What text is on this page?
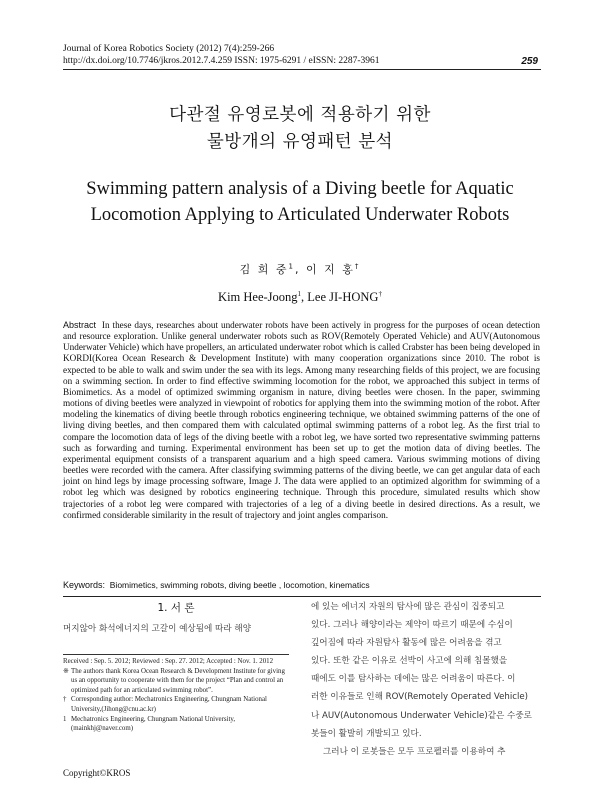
Journal of Korea Robotics Society (2012) 7(4):259-266
http://dx.doi.org/10.7746/jkros.2012.7.4.259 ISSN: 1975-6291 / eISSN: 2287-3961	259
다관절 유영로봇에 적용하기 위한
물방개의 유영패턴 분석
Swimming pattern analysis of a Diving beetle for Aquatic
Locomotion Applying to Articulated Underwater Robots
김 희 중$^1$, 이 지 홍†
Kim Hee-Joong$^1$, Lee JI-HONG†
Abstract In these days, researches about underwater robots have been actively in progress for the purposes of ocean detection and resource exploration. Unlike general underwater robots such as ROV(Remotely Operated Vehicle) and AUV(Autonomous Underwater Vehicle) which have propellers, an articulated underwater robot which is called Crabster has been being developed in KORDI(Korea Ocean Research & Development Institute) with many cooperation organizations since 2010. The robot is expected to be able to walk and swim under the sea with its legs. Among many researching fields of this project, we are focusing on a swimming section. In order to find effective swimming locomotion for the robot, we approached this subject in terms of Biomimetics. As a model of optimized swimming organism in nature, diving beetles were chosen. In the paper, swimming motions of diving beetles were analyzed in viewpoint of robotics for applying them into the swimming motion of the robot. After modeling the kinematics of diving beetle through robotics engineering technique, we obtained swimming patterns of the one of living diving beetles, and then compared them with calculated optimal swimming patterns of a robot leg. As the first trial to compare the locomotion data of legs of the diving beetle with a robot leg, we have sorted two representative swimming patterns such as forwarding and turning. Experimental environment has been set up to get the motion data of diving beetles. The experimental equipment consists of a transparent aquarium and a high speed camera. Various swimming motions of diving beetles were recorded with the camera. After classifying swimming patterns of the diving beetle, we can get angular data of each joint on hind legs by image processing software, Image J. The data were applied to an optimized algorithm for swimming of a robot leg which was designed by robotics engineering technique. Through this procedure, simulated results which show trajectories of a robot leg were compared with trajectories of a leg of a diving beetle in desired directions. As a result, we confirmed considerable similarity in the result of trajectory and joint angles comparison.
Keywords: Biomimetics, swimming robots, diving beetle , locomotion, kinematics
1. 서 론
머지않아 화석에너지의 고갈이 예상됨에 따라 해양
Received : Sep. 5. 2012; Reviewed : Sep. 27. 2012; Accepted : Nov. 1. 2012
※ The authors thank Korea Ocean Research & Development Institute for giving us an opportunity to cooperate with them for the project “Plan and control an optimized path for an articulated swimming robot”.
† Corresponding author: Mechatronics Engineering, Chungnam National University,(Jihong@cnu.ac.kr)
1 Mechatronics Engineering, Chungnam National University, (mainkhj@naver.com)
Copyright©KROS
에 있는 에너지 자원의 탐사에 많은 관심이 집중되고
있다. 그러나 해양이라는 제약이 따르기 때문에 수심이
깊어짐에 따라 자원탐사 활동에 많은 어려움을 겪고
있다. 또한 같은 이유로 선박이 사고에 의해 침몰했을
때에도 이를 탐사하는 데에는 많은 어려움이 따른다. 이
러한 이유들로 인해 ROV(Remotely Operated Vehicle)
나 AUV(Autonomous Underwater Vehicle)같은 수중로
봇들이 활발히 개발되고 있다.
그러나 이 로봇들은 모두 프로펠러를 이용하여 추
